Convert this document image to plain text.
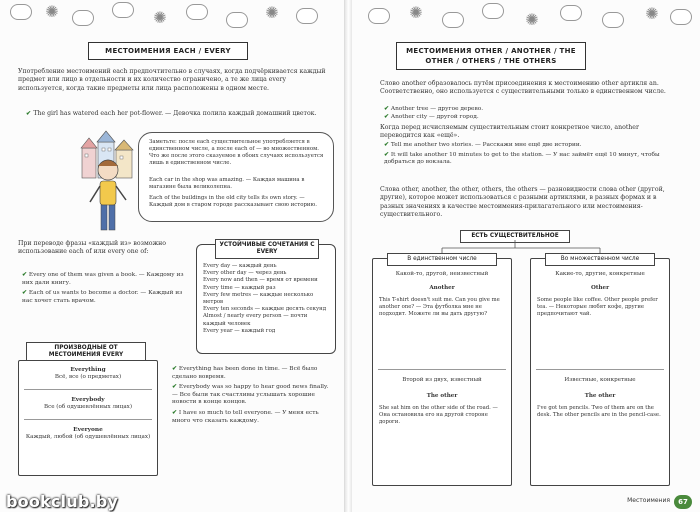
✺	✺	✺
МЕСТОИМЕНИЯ EACH / EVERY
Употребление местоимений each предпочтительно в случаях, когда подчёркивается каждый предмет или лицо в отдельности и их количество ограничено, а те же лица every используется, когда такие предметы или лица расположены в одном месте.
✔ The girl has watered each her pot-flower. — Девочка полила каждый домашний цветок.
Заметьте: после each существительное употребляется в единственном числе, а после each of — во множественном. Что же после этого сказуемое в обоих случаях используется лишь в единственном числе.
Each car in the shop was amazing. — Каждая машина в магазине была великолепна.
Each of the buildings in the old city tells its own story. — Каждый дом в старом городе рассказывает свою историю.
При переводе фразы «каждый из» возможно использование each of или every one of:
✔ Every one of them was given a book. — Каждому из них дали книгу.
✔ Each of us wants to become a doctor. — Каждый из нас хочет стать врачом.
УСТОЙЧИВЫЕ СОЧЕТАНИЯ С EVERY
Every day — каждый день
Every other day — через день
Every now and then — время от времени
Every time — каждый раз
Every few metres — каждые несколько метров
Every ten seconds — каждые десять секунд
Almost / nearly every person — почти каждый человек
Every year — каждый год
ПРОИЗВОДНЫЕ ОТ МЕСТОИМЕНИЯ EVERY
Everything
Всё, все (о предметах)
Everybody
Все (об одушевлённых лицах)
Everyone
Каждый, любой (об одушевлённых лицах)
✔ Everything has been done in time. — Всё было сделано вовремя.
✔ Everybody was so happy to hear good news finally. — Все были так счастливы услышать хорошие новости в конце концов.
✔ I have so much to tell everyone. — У меня есть много что сказать каждому.
✺	✺	✺
МЕСТОИМЕНИЯ OTHER / ANOTHER / THE OTHER / OTHERS / THE OTHERS
Слово another образовалось путём присоединения к местоимению other артикля an. Соответственно, оно используется с существительными только в единственном числе.
✔ Another tree — другое дерево.
✔ Another city — другой город.
Когда перед исчисляемым существительным стоит конкретное число, another переводится как «ещё».
✔ Tell me another two stories. — Расскажи мне ещё две истории.
✔ It will take another 10 minutes to get to the station. — У нас займёт ещё 10 минут, чтобы добраться до вокзала.
Слова other, another, the other, others, the others — разновидности слова other (другой, другие), которое может использоваться с разными артиклями, в разных формах и в разных значениях в качестве местоимения-прилагательного или местоимения-существительного.
ЕСТЬ СУЩЕСТВИТЕЛЬНОЕ
В единственном числе
Какой-то, другой, неизвестный
Another
This T-shirt doesn't suit me. Can you give me another one? — Эта футболка мне не подходит. Можете ли вы дать другую?
Второй из двух, известный
The other
She sat him on the other side of the road. — Она остановила его на другой стороне дороги.
Во множественном числе
Какие-то, другие, конкретные
Other
Some people like coffee. Other people prefer tea. — Некоторые любят кофе, другие предпочитают чай.
Известные, конкретные
The other
I've got ten pencils. Two of them are on the desk. The other pencils are in the pencil-case.
Местоимения	67
bookclub.by
